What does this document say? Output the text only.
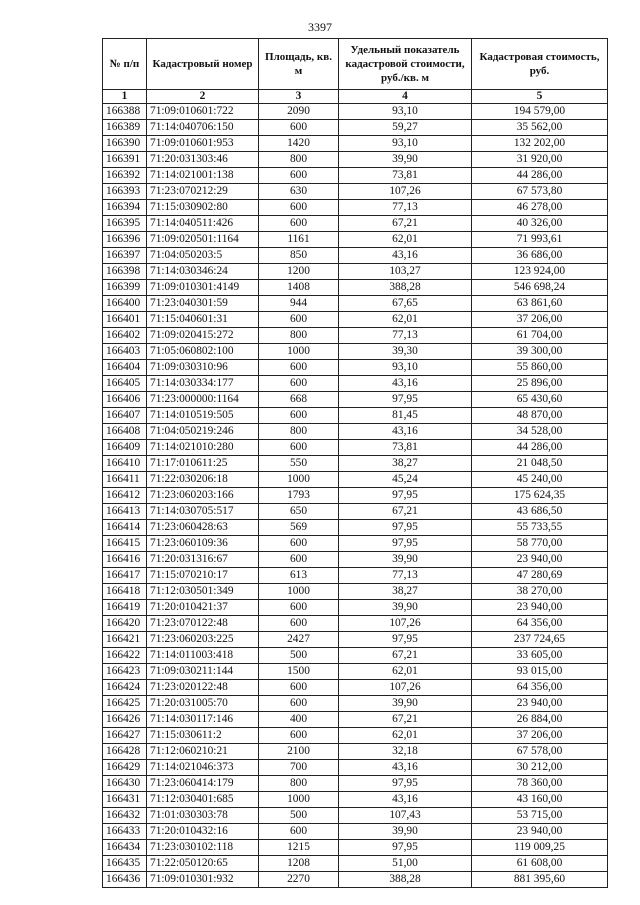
3397
№ п/п	Кадастровый номер	Площадь, кв. м	Удельный показатель кадастровой стоимости, руб./кв. м	Кадастровая стоимость, руб.
1	2	3	4	5
166388	71:09:010601:722	2090	93,10	194 579,00
166389	71:14:040706:150	600	59,27	35 562,00
166390	71:09:010601:953	1420	93,10	132 202,00
166391	71:20:031303:46	800	39,90	31 920,00
166392	71:14:021001:138	600	73,81	44 286,00
166393	71:23:070212:29	630	107,26	67 573,80
166394	71:15:030902:80	600	77,13	46 278,00
166395	71:14:040511:426	600	67,21	40 326,00
166396	71:09:020501:1164	1161	62,01	71 993,61
166397	71:04:050203:5	850	43,16	36 686,00
166398	71:14:030346:24	1200	103,27	123 924,00
166399	71:09:010301:4149	1408	388,28	546 698,24
166400	71:23:040301:59	944	67,65	63 861,60
166401	71:15:040601:31	600	62,01	37 206,00
166402	71:09:020415:272	800	77,13	61 704,00
166403	71:05:060802:100	1000	39,30	39 300,00
166404	71:09:030310:96	600	93,10	55 860,00
166405	71:14:030334:177	600	43,16	25 896,00
166406	71:23:000000:1164	668	97,95	65 430,60
166407	71:14:010519:505	600	81,45	48 870,00
166408	71:04:050219:246	800	43,16	34 528,00
166409	71:14:021010:280	600	73,81	44 286,00
166410	71:17:010611:25	550	38,27	21 048,50
166411	71:22:030206:18	1000	45,24	45 240,00
166412	71:23:060203:166	1793	97,95	175 624,35
166413	71:14:030705:517	650	67,21	43 686,50
166414	71:23:060428:63	569	97,95	55 733,55
166415	71:23:060109:36	600	97,95	58 770,00
166416	71:20:031316:67	600	39,90	23 940,00
166417	71:15:070210:17	613	77,13	47 280,69
166418	71:12:030501:349	1000	38,27	38 270,00
166419	71:20:010421:37	600	39,90	23 940,00
166420	71:23:070122:48	600	107,26	64 356,00
166421	71:23:060203:225	2427	97,95	237 724,65
166422	71:14:011003:418	500	67,21	33 605,00
166423	71:09:030211:144	1500	62,01	93 015,00
166424	71:23:020122:48	600	107,26	64 356,00
166425	71:20:031005:70	600	39,90	23 940,00
166426	71:14:030117:146	400	67,21	26 884,00
166427	71:15:030611:2	600	62,01	37 206,00
166428	71:12:060210:21	2100	32,18	67 578,00
166429	71:14:021046:373	700	43,16	30 212,00
166430	71:23:060414:179	800	97,95	78 360,00
166431	71:12:030401:685	1000	43,16	43 160,00
166432	71:01:030303:78	500	107,43	53 715,00
166433	71:20:010432:16	600	39,90	23 940,00
166434	71:23:030102:118	1215	97,95	119 009,25
166435	71:22:050120:65	1208	51,00	61 608,00
166436	71:09:010301:932	2270	388,28	881 395,60
